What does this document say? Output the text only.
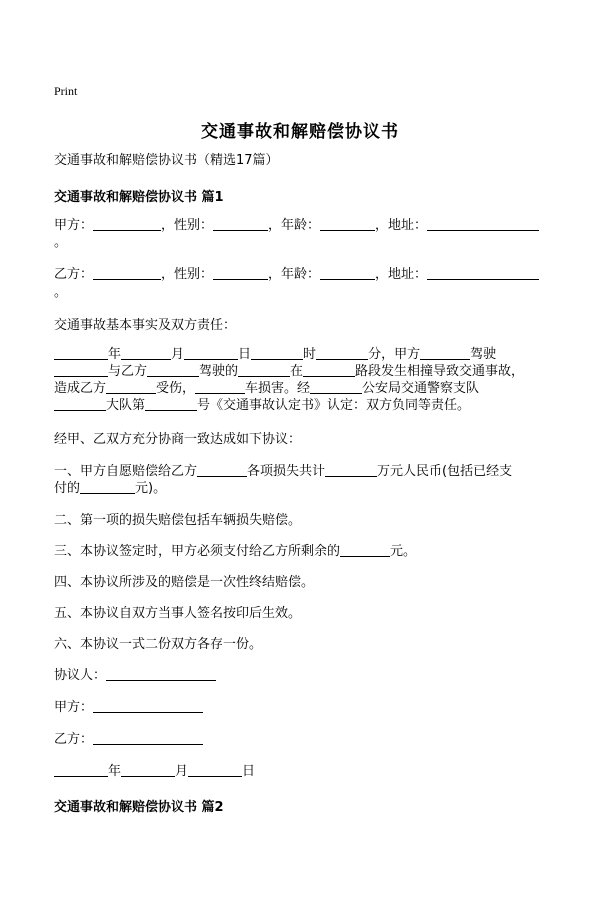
Print
交通事故和解赔偿协议书
交通事故和解赔偿协议书（精选17篇）
交通事故和解赔偿协议书 篇1
甲方：	，性别：	，年龄：	，地址：
。
乙方：	，性别：	，年龄：	，地址：
。
交通事故基本事实及双方责任：
年	月	日	时	分，甲方	驾驶
与乙方	驾驶的	在	路段发生相撞导致交通事故，
造成乙方	受伤，	车损害。经	公安局交通警察支队
大队第	号《交通事故认定书》认定：双方负同等责任。
经甲、乙双方充分协商一致达成如下协议：
一、甲方自愿赔偿给乙方	各项损失共计	万元人民币(包括已经支
付的	元)。
二、第一项的损失赔偿包括车辆损失赔偿。
三、本协议签定时，甲方必须支付给乙方所剩余的	元。
四、本协议所涉及的赔偿是一次性终结赔偿。
五、本协议自双方当事人签名按印后生效。
六、本协议一式二份双方各存一份。
协议人：
甲方：
乙方：
年	月	日
交通事故和解赔偿协议书 篇2
